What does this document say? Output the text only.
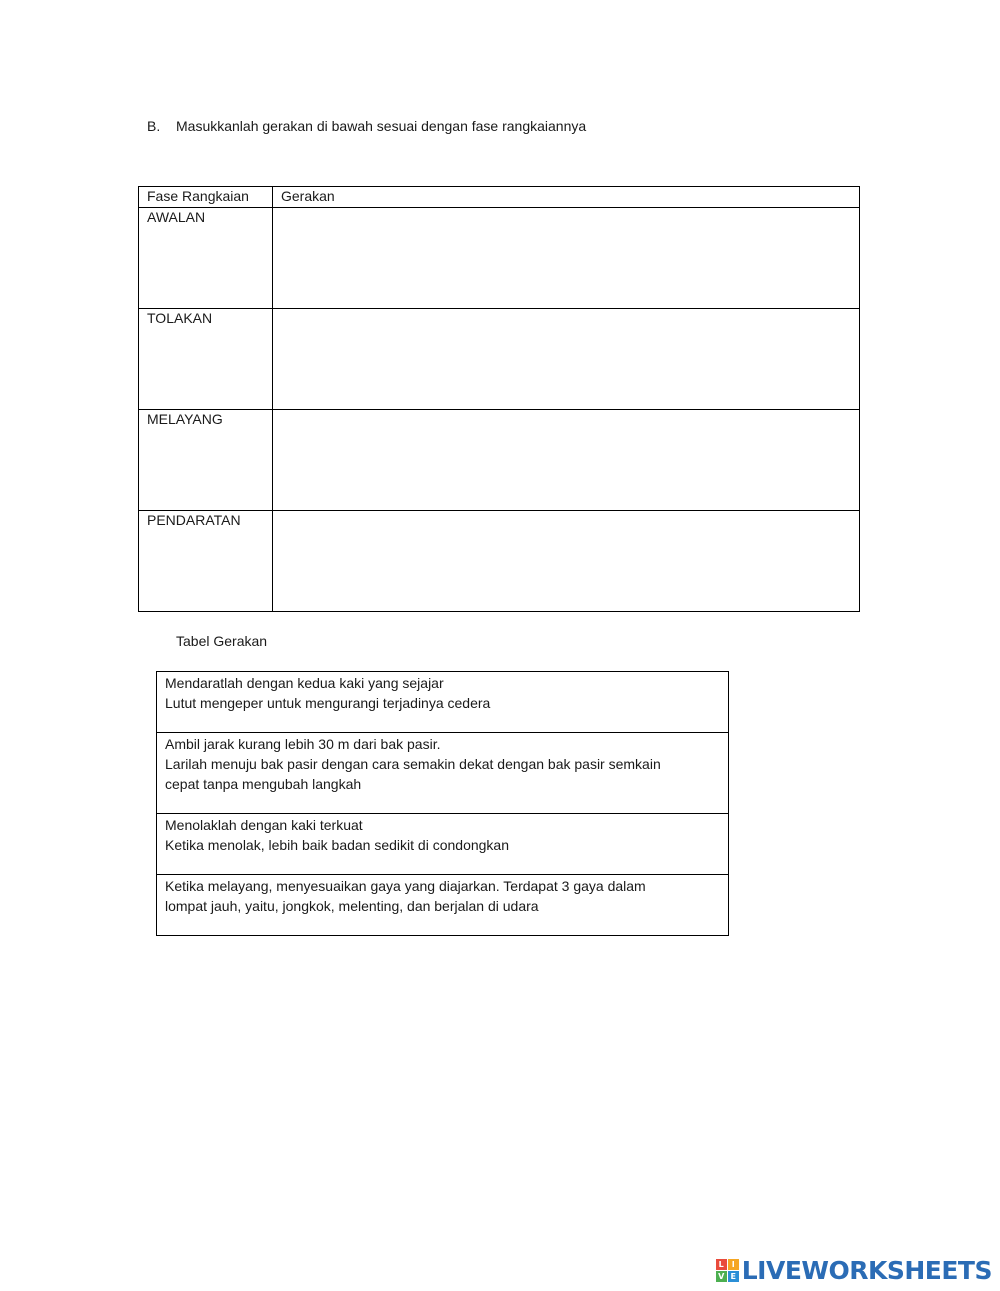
B.	Masukkanlah gerakan di bawah sesuai dengan fase rangkaiannya
Fase Rangkaian	Gerakan
AWALAN	
TOLAKAN	
MELAYANG	
PENDARATAN	
Tabel Gerakan
Mendaratlah dengan kedua kaki yang sejajar
Lutut mengeper untuk mengurangi terjadinya cedera

Ambil jarak kurang lebih 30 m dari bak pasir.
Larilah menuju bak pasir dengan cara semakin dekat dengan bak pasir semkain
cepat tanpa mengubah langkah

Menolaklah dengan kaki terkuat
Ketika menolak, lebih baik badan sedikit di condongkan

Ketika melayang, menyesuaikan gaya yang diajarkan. Terdapat 3 gaya dalam
lompat jauh, yaitu, jongkok, melenting, dan berjalan di udara
L I
V E LIVEWORKSHEETS
